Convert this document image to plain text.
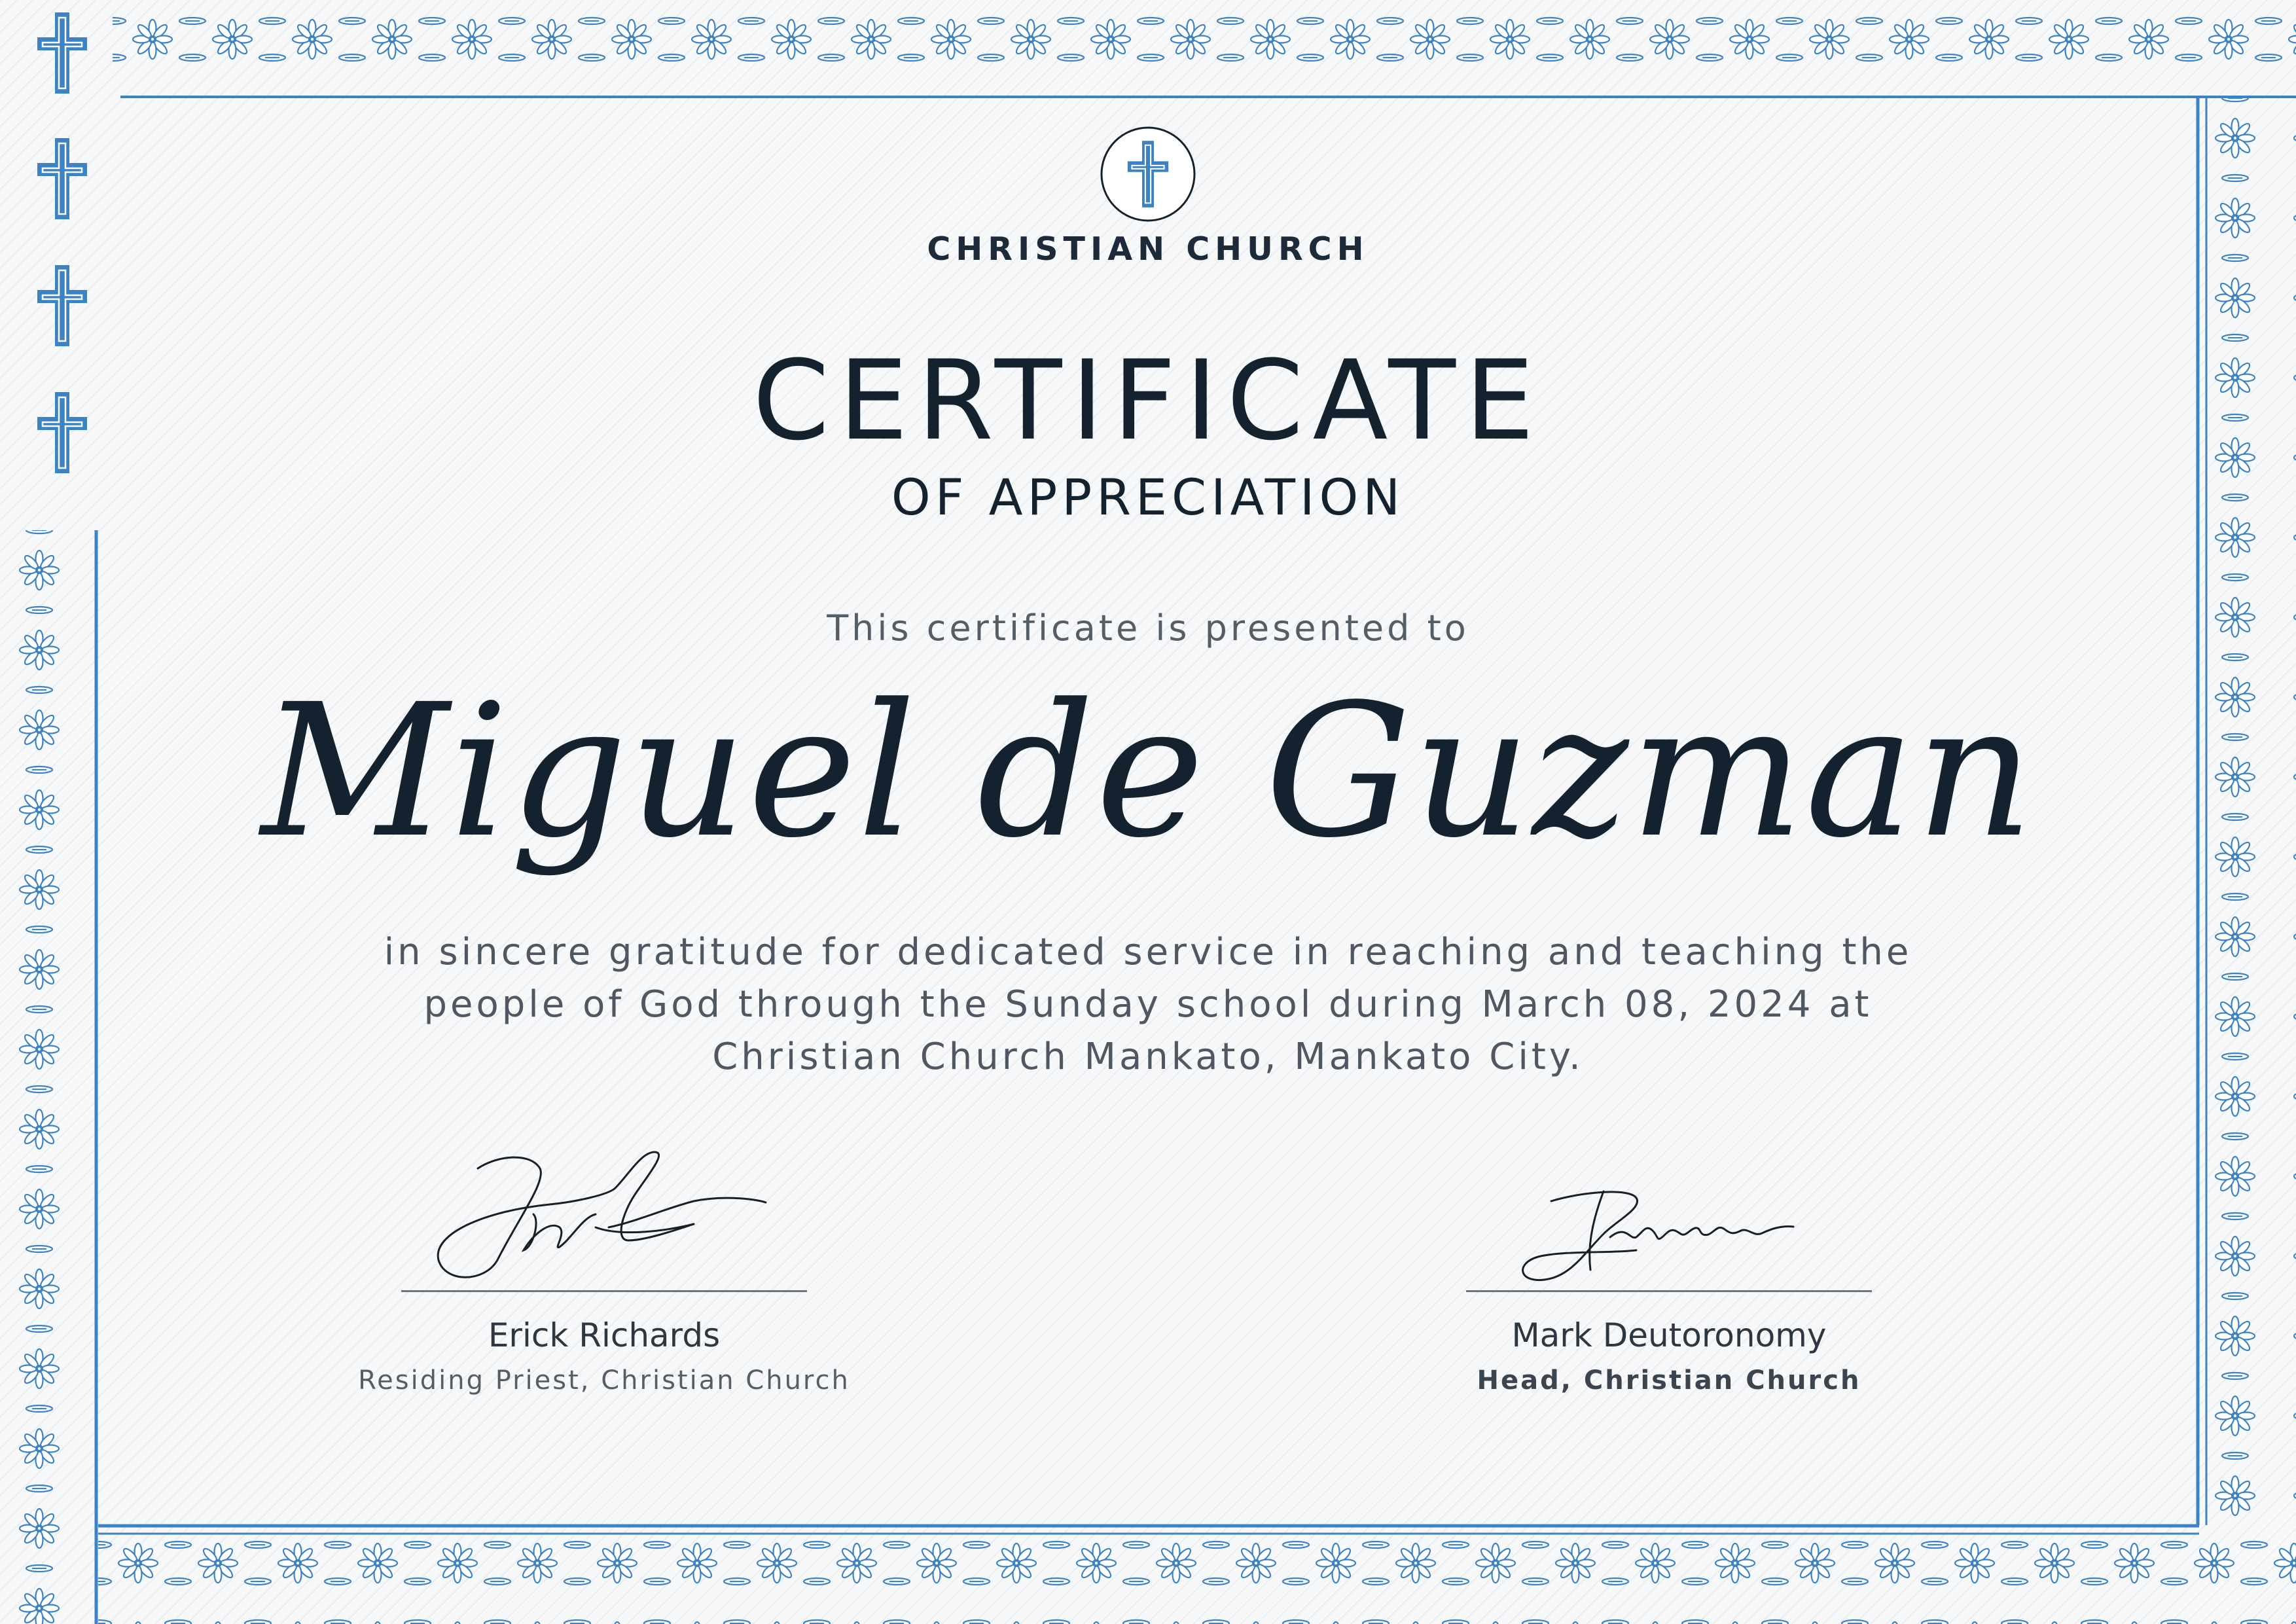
CHRISTIAN CHURCH
CERTIFICATE
OF APPRECIATION
This certificate is presented to
Miguel de Guzman
in sincere gratitude for dedicated service in reaching and teaching the
people of God through the Sunday school during March 08, 2024 at
Christian Church Mankato, Mankato City.
Erick Richards
Residing Priest, Christian Church
Mark Deutoronomy
Head, Christian Church
